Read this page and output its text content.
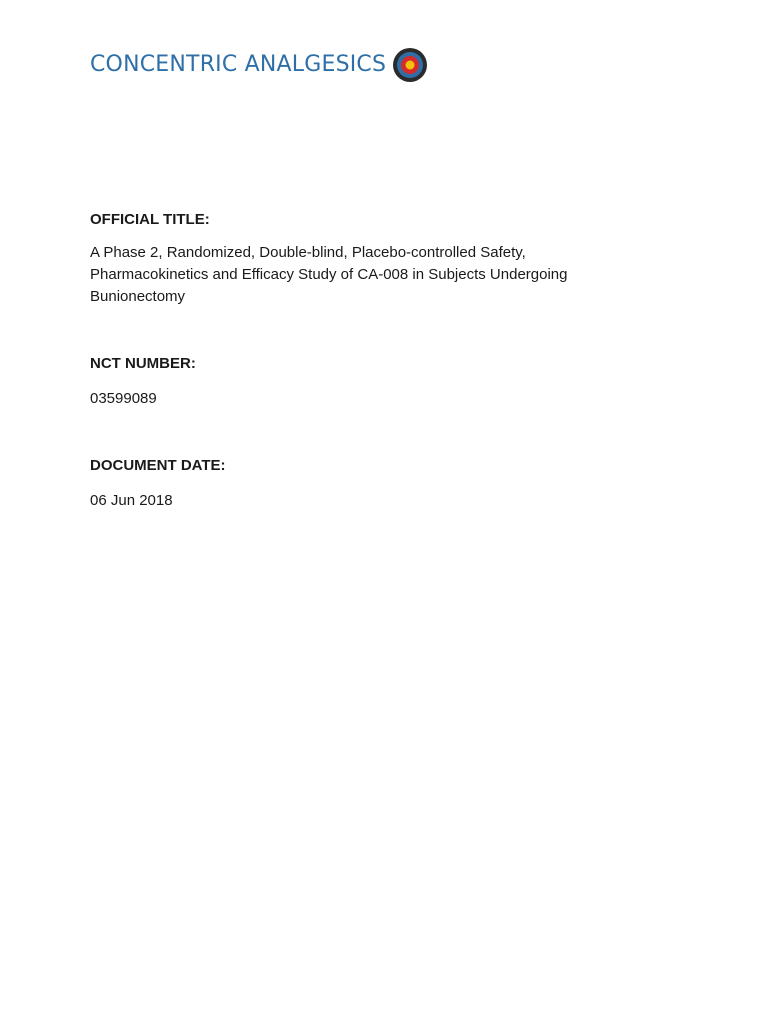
CONCENTRIC ANALGESICS

OFFICIAL TITLE:

A Phase 2, Randomized, Double-blind, Placebo-controlled Safety,

Pharmacokinetics and Efficacy Study of CA-008 in Subjects Undergoing

Bunionectomy

NCT NUMBER:

03599089

DOCUMENT DATE:

06 Jun 2018
